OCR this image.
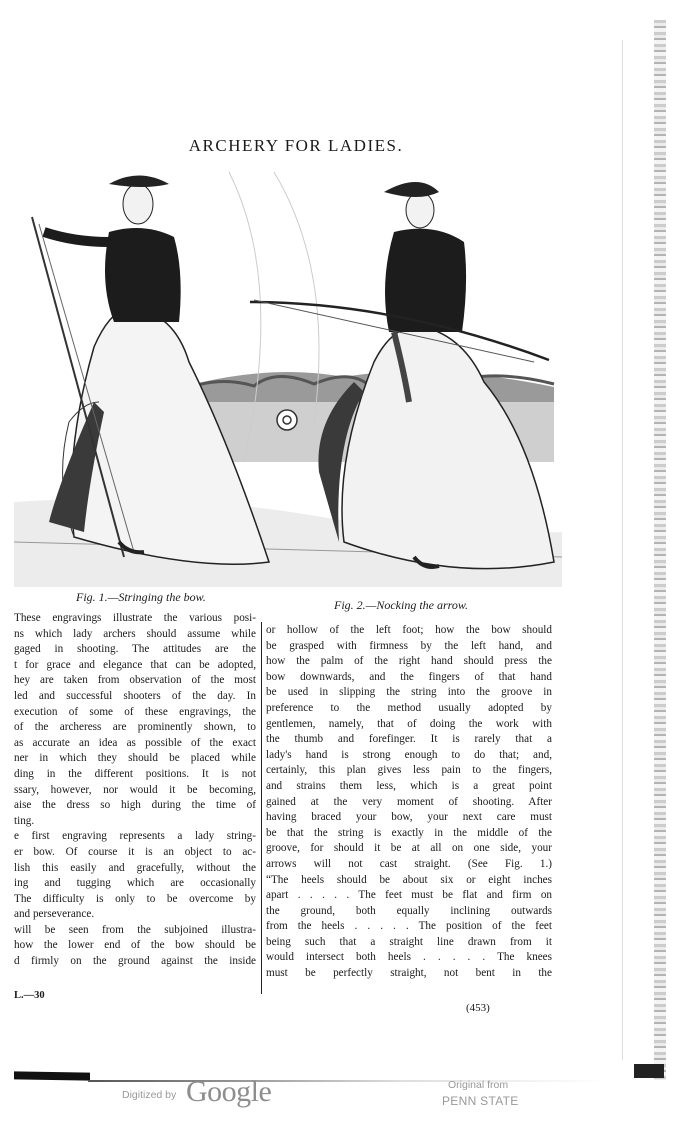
ARCHERY FOR LADIES.
Fig. 1.—Stringing the bow.
Fig. 2.—Nocking the arrow.
These engravings illustrate the various posi-
ns which lady archers should assume while
gaged in shooting. The attitudes are the
t for grace and elegance that can be adopted,
hey are taken from observation of the most
led and successful shooters of the day. In
execution of some of these engravings, the
of the archeress are prominently shown, to
as accurate an idea as possible of the exact
ner in which they should be placed while
ding in the different positions. It is not
ssary, however, nor would it be becoming,
aise the dress so high during the time of
ting.
e first engraving represents a lady string-
er bow. Of course it is an object to ac-
lish this easily and gracefully, without the
ing and tugging which are occasionally
The difficulty is only to be overcome by
and perseverance.
will be seen from the subjoined illustra-
how the lower end of the bow should be
d firmly on the ground against the inside
or hollow of the left foot; how the bow should
be grasped with firmness by the left hand, and
how the palm of the right hand should press the
bow downwards, and the fingers of that hand
be used in slipping the string into the groove in
preference to the method usually adopted by
gentlemen, namely, that of doing the work with
the thumb and forefinger. It is rarely that a
lady's hand is strong enough to do that; and,
certainly, this plan gives less pain to the fingers,
and strains them less, which is a great point
gained at the very moment of shooting. After
having braced your bow, your next care must
be that the string is exactly in the middle of the
groove, for should it be at all on one side, your
arrows will not cast straight. (See Fig. 1.)
“The heels should be about six or eight inches
apart . . . . . The feet must be flat and firm on
the ground, both equally inclining outwards
from the heels . . . . . The position of the feet
being such that a straight line drawn from it
would intersect both heels . . . . . The knees
must be perfectly straight, not bent in the
L.—30
(453)
Digitized by Google	Original from
PENN STATE
